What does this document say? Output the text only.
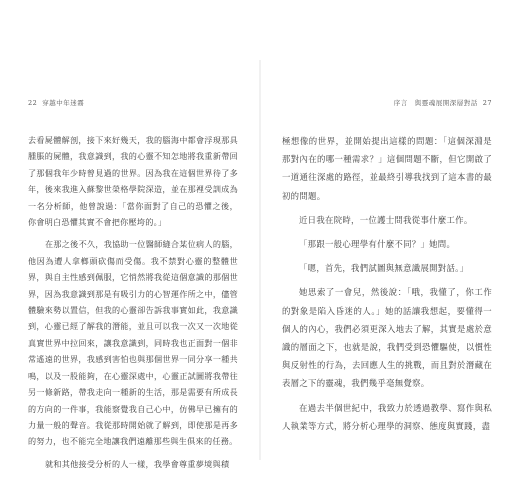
22 穿越中年迷霧

去看屍體解剖，接下來好幾天，我的腦海中都會浮現那具腫脹的屍體，我意識到，我的心靈不知怎地將我重新帶回了那個我年少時曾見過的世界。因為我在這個世界待了多年，後來我進入蘇黎世榮格學院深造，並在那裡受訓成為一名分析師，他曾說過：「當你面對了自己的恐懼之後，你會明白恐懼其實不會把你壓垮的。」

在那之後不久，我協助一位醫師縫合某位病人的腦，他因為遭人拿榔頭砍傷而受傷。我不禁對心靈的整體世界，與自主性感到佩服，它悄然將我從這個意識的那個世界，因為我意識到那是有吸引力的心智運作所之中，儘管體驗來勢以置信，但我的心靈卻告訴我事實如此，我意識到，心靈已經了解我的潛能，並且可以我一次又一次地從真實世界中拉回來，讓我意識到，同時我也正面對一個非常遙遠的世界，我感到害怕也與那個世界一同分享一種共鳴，以及一股能夠，在心靈深處中，心靈正試圖將我帶往另一條新路，帶我走向一種新的生活，那是需要有所成長的方向的一件事，我能察覺我自己心中，仿佛早已擁有的力量一般的聲音。我從那時開始就了解到，即使那是再多的努力，也不能完全地讓我們遠離那些與生俱來的任務。

就和其他接受分析的人一樣，我學會尊重夢境與積

序言　與靈魂展開深層對話 27

極想像的世界，並開始提出這樣的問題：「這個深淵是那對內在的哪一種需求？」這個問題不斷，但它開啟了一道通往深處的路徑，並最終引導我找到了這本書的最初的問題。

近日我在院時，一位護士問我從事什麼工作。

「那跟一般心理學有什麼不同？」她問。

「嗯，首先，我們試圖與無意識展開對話。」

她思索了一會兒，然後說：「哦，我懂了，你工作的對象是陷入昏迷的人。」她的話讓我想起，要懂得一個人的內心，我們必須更深入地去了解，其實是處於意識的層面之下，也就是說，我們受到恐懼驅使，以慣性與反射性的行為，去回應人生的挑戰，而且對於潛藏在表層之下的靈魂，我們幾乎毫無覺察。

在過去半個世紀中，我致力於透過教學、寫作與私人執業等方式，將分析心理學的洞察、態度與實踐，盡
